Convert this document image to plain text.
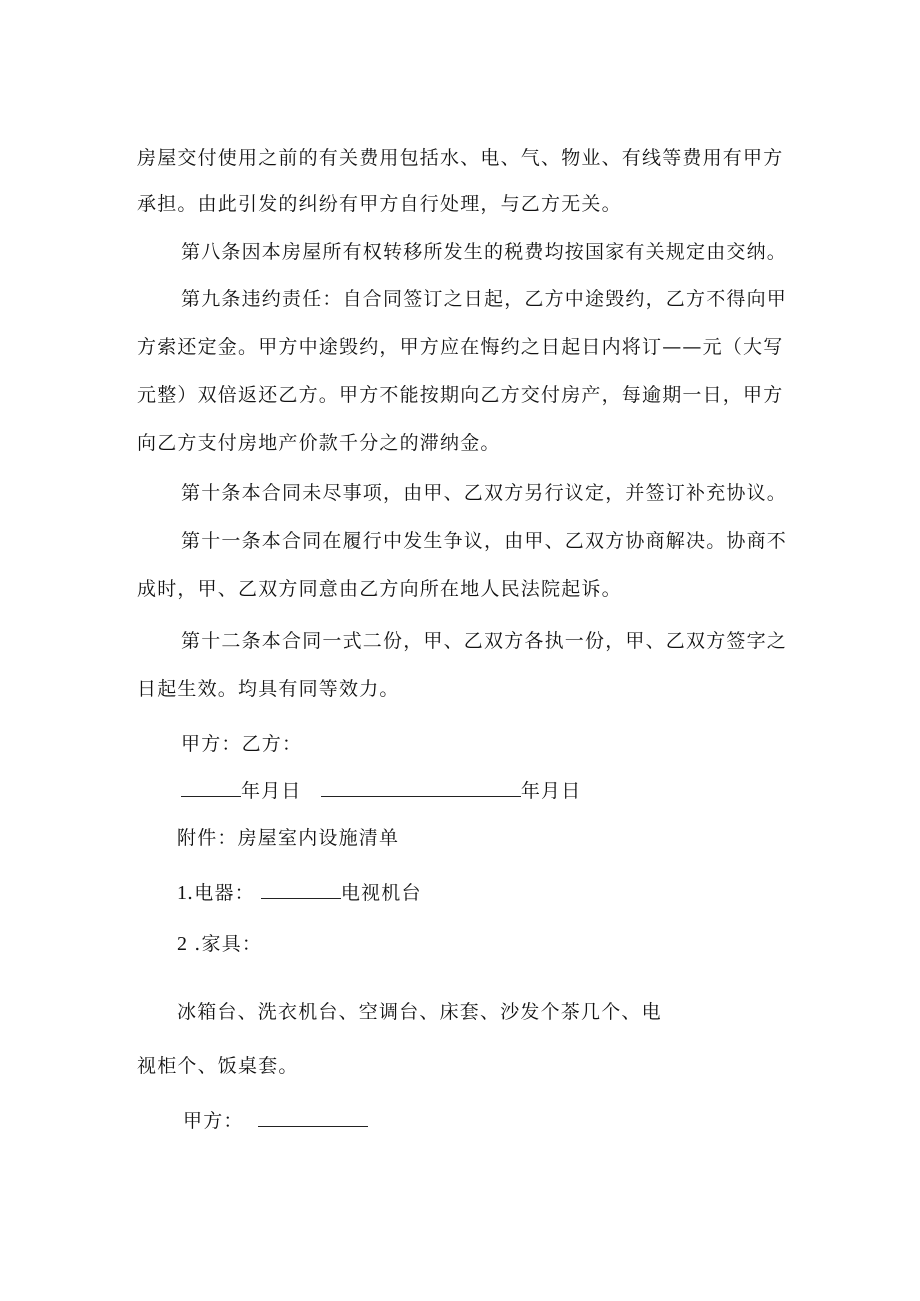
房屋交付使用之前的有关费用包括水、电、气、物业、有线等费用有甲方
承担。由此引发的纠纷有甲方自行处理，与乙方无关。
第八条因本房屋所有权转移所发生的税费均按国家有关规定由交纳。
第九条违约责任：自合同签订之日起，乙方中途毁约，乙方不得向甲
方索还定金。甲方中途毁约，甲方应在悔约之日起日内将订——元（大写
元整）双倍返还乙方。甲方不能按期向乙方交付房产，每逾期一日，甲方
向乙方支付房地产价款千分之的滞纳金。
第十条本合同未尽事项，由甲、乙双方另行议定，并签订补充协议。
第十一条本合同在履行中发生争议，由甲、乙双方协商解决。协商不
成时，甲、乙双方同意由乙方向所在地人民法院起诉。
第十二条本合同一式二份，甲、乙双方各执一份，甲、乙双方签字之
日起生效。均具有同等效力。
甲方：乙方：
年月日	年月日
附件：房屋室内设施清单
1.电器：	电视机台
2 .家具：
冰箱台、洗衣机台、空调台、床套、沙发个茶几个、电
视柜个、饭桌套。
甲方：
